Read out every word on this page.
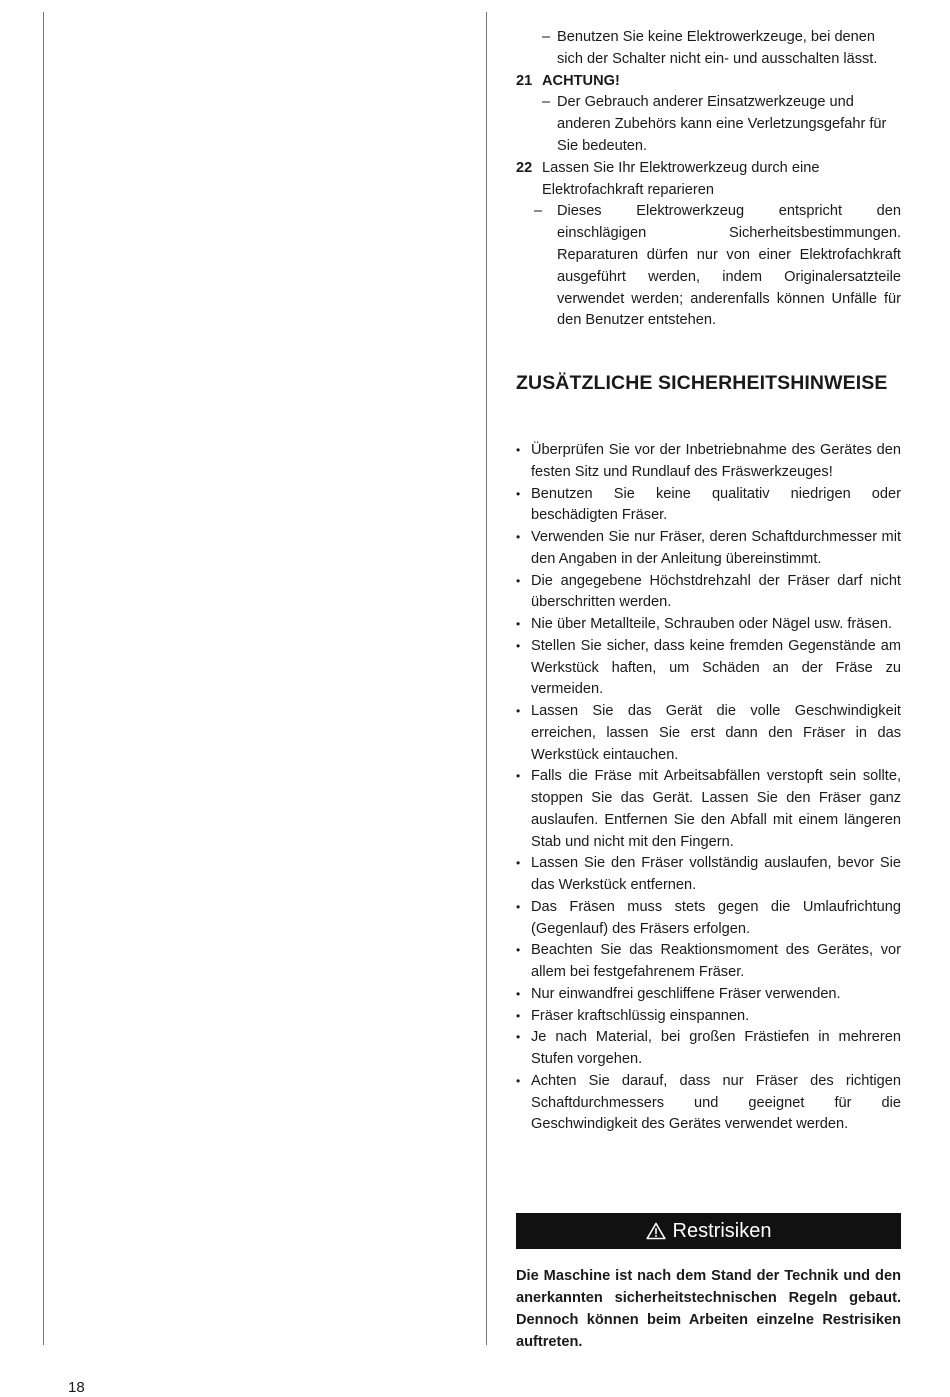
– Benutzen Sie keine Elektrowerkzeuge, bei denen sich der Schalter nicht ein- und ausschalten lässt.
21 ACHTUNG!
– Der Gebrauch anderer Einsatzwerkzeuge und anderen Zubehörs kann eine Verletzungsgefahr für Sie bedeuten.
22 Lassen Sie Ihr Elektrowerkzeug durch eine Elektrofachkraft reparieren
– Dieses Elektrowerkzeug entspricht den einschlägigen Sicherheitsbestimmungen. Reparaturen dürfen nur von einer Elektrofachkraft ausgeführt werden, indem Originalersatzteile verwendet werden; anderenfalls können Unfälle für den Benutzer entstehen.
ZUSÄTZLICHE SICHERHEITSHINWEISE
• Überprüfen Sie vor der Inbetriebnahme des Gerätes den festen Sitz und Rundlauf des Fräswerkzeuges!
• Benutzen Sie keine qualitativ niedrigen oder beschädigten Fräser.
• Verwenden Sie nur Fräser, deren Schaftdurchmesser mit den Angaben in der Anleitung übereinstimmt.
• Die angegebene Höchstdrehzahl der Fräser darf nicht überschritten werden.
• Nie über Metallteile, Schrauben oder Nägel usw. fräsen.
• Stellen Sie sicher, dass keine fremden Gegenstände am Werkstück haften, um Schäden an der Fräse zu vermeiden.
• Lassen Sie das Gerät die volle Geschwindigkeit erreichen, lassen Sie erst dann den Fräser in das Werkstück eintauchen.
• Falls die Fräse mit Arbeitsabfällen verstopft sein sollte, stoppen Sie das Gerät. Lassen Sie den Fräser ganz auslaufen. Entfernen Sie den Abfall mit einem längeren Stab und nicht mit den Fingern.
• Lassen Sie den Fräser vollständig auslaufen, bevor Sie das Werkstück entfernen.
• Das Fräsen muss stets gegen die Umlaufrichtung (Gegenlauf) des Fräsers erfolgen.
• Beachten Sie das Reaktionsmoment des Gerätes, vor allem bei festgefahrenem Fräser.
• Nur einwandfrei geschliffene Fräser verwenden.
• Fräser kraftschlüssig einspannen.
• Je nach Material, bei großen Frästiefen in mehreren Stufen vorgehen.
• Achten Sie darauf, dass nur Fräser des richtigen Schaftdurchmessers und geeignet für die Geschwindigkeit des Gerätes verwendet werden.
Restrisiken
Die Maschine ist nach dem Stand der Technik und den anerkannten sicherheitstechnischen Regeln gebaut. Dennoch können beim Arbeiten einzelne Restrisiken auftreten.
18
